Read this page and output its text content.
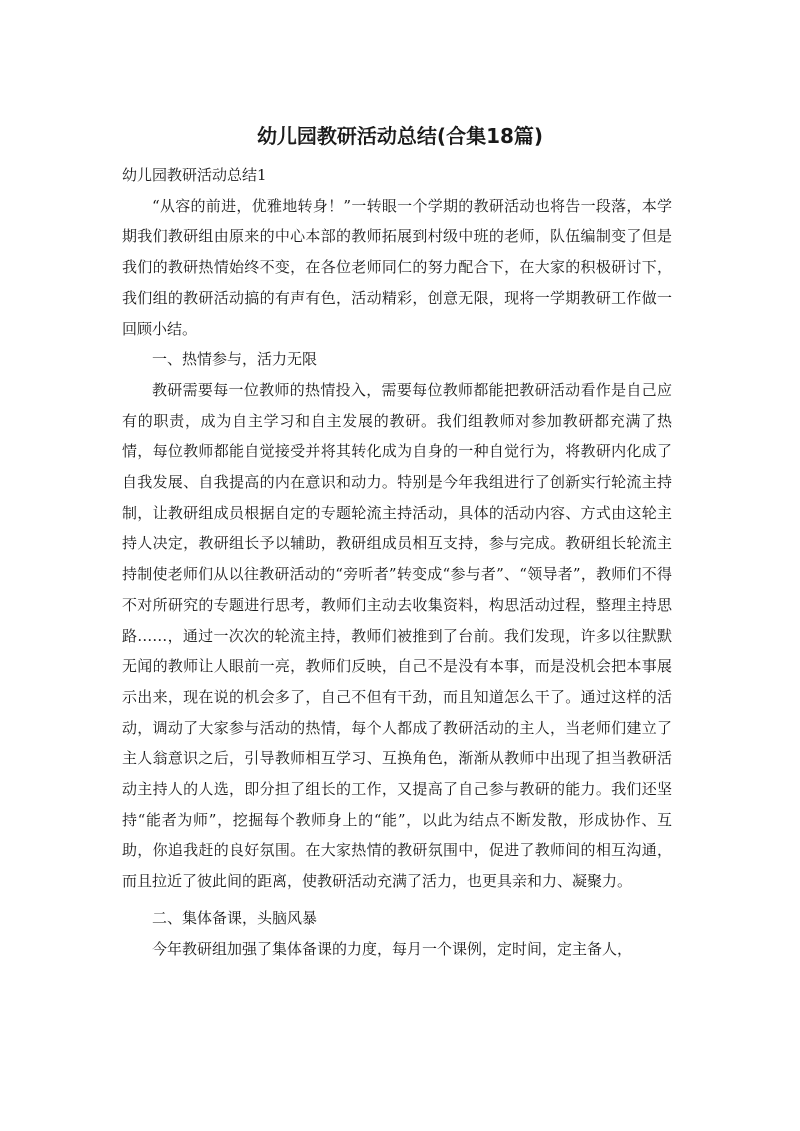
幼儿园教研活动总结(合集18篇)

幼儿园教研活动总结1

“从容的前进，优雅地转身！”一转眼一个学期的教研活动也将告一段落，本学期我们教研组由原来的中心本部的教师拓展到村级中班的老师，队伍编制变了但是我们的教研热情始终不变，在各位老师同仁的努力配合下，在大家的积极研讨下，我们组的教研活动搞的有声有色，活动精彩，创意无限，现将一学期教研工作做一回顾小结。

一、热情参与，活力无限

教研需要每一位教师的热情投入，需要每位教师都能把教研活动看作是自己应有的职责，成为自主学习和自主发展的教研。我们组教师对参加教研都充满了热情，每位教师都能自觉接受并将其转化成为自身的一种自觉行为，将教研内化成了自我发展、自我提高的内在意识和动力。特别是今年我组进行了创新实行轮流主持制，让教研组成员根据自定的专题轮流主持活动，具体的活动内容、方式由这轮主持人决定，教研组长予以辅助，教研组成员相互支持，参与完成。教研组长轮流主持制使老师们从以往教研活动的“旁听者”转变成“参与者”、“领导者”，教师们不得不对所研究的专题进行思考，教师们主动去收集资料，构思活动过程，整理主持思路……，通过一次次的轮流主持，教师们被推到了台前。我们发现，许多以往默默无闻的教师让人眼前一亮，教师们反映，自己不是没有本事，而是没机会把本事展示出来，现在说的机会多了，自己不但有干劲，而且知道怎么干了。通过这样的活动，调动了大家参与活动的热情，每个人都成了教研活动的主人，当老师们建立了主人翁意识之后，引导教师相互学习、互换角色，渐渐从教师中出现了担当教研活动主持人的人选，即分担了组长的工作，又提高了自己参与教研的能力。我们还坚持“能者为师”，挖掘每个教师身上的“能”，以此为结点不断发散，形成协作、互助，你追我赶的良好氛围。在大家热情的教研氛围中，促进了教师间的相互沟通，而且拉近了彼此间的距离，使教研活动充满了活力，也更具亲和力、凝聚力。

二、集体备课，头脑风暴

今年教研组加强了集体备课的力度，每月一个课例，定时间，定主备人，
